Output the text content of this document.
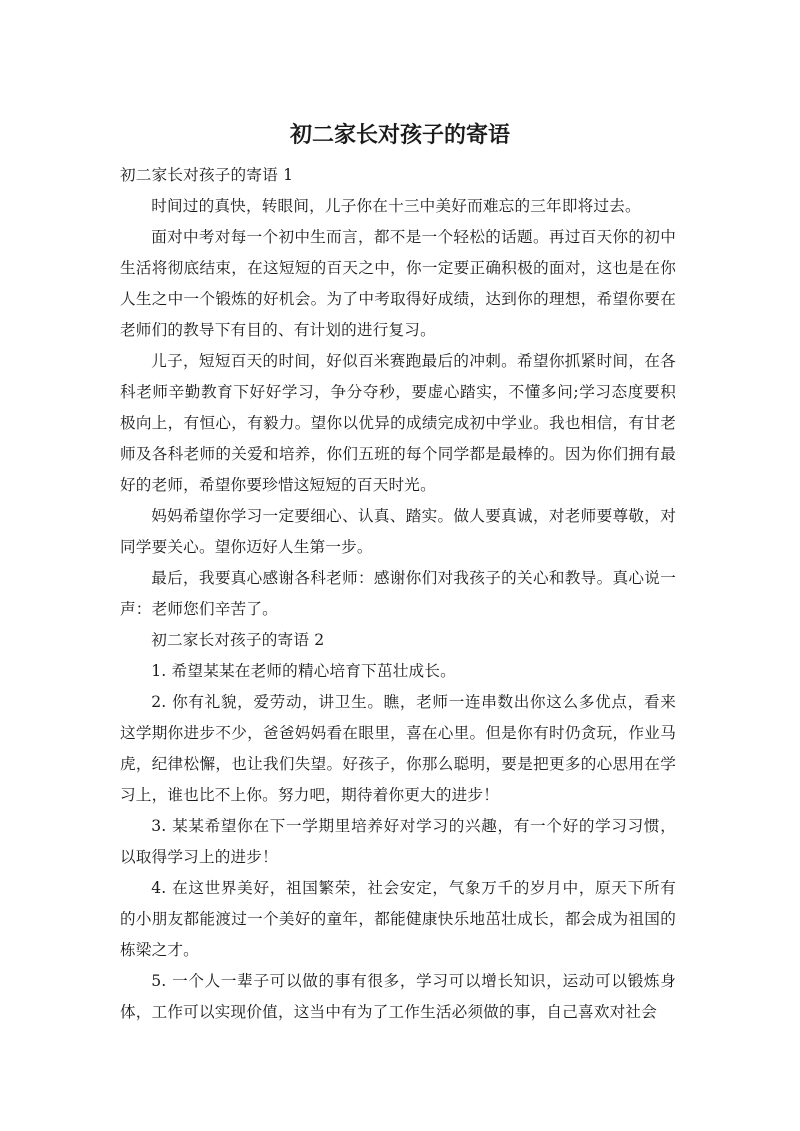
初二家长对孩子的寄语

初二家长对孩子的寄语 1

时间过的真快，转眼间，儿子你在十三中美好而难忘的三年即将过去。

面对中考对每一个初中生而言，都不是一个轻松的话题。再过百天你的初中生活将彻底结束，在这短短的百天之中，你一定要正确积极的面对，这也是在你人生之中一个锻炼的好机会。为了中考取得好成绩，达到你的理想，希望你要在老师们的教导下有目的、有计划的进行复习。

儿子，短短百天的时间，好似百米赛跑最后的冲刺。希望你抓紧时间，在各科老师辛勤教育下好好学习，争分夺秒，要虚心踏实，不懂多问;学习态度要积极向上，有恒心，有毅力。望你以优异的成绩完成初中学业。我也相信，有甘老师及各科老师的关爱和培养，你们五班的每个同学都是最棒的。因为你们拥有最好的老师，希望你要珍惜这短短的百天时光。

妈妈希望你学习一定要细心、认真、踏实。做人要真诚，对老师要尊敬，对同学要关心。望你迈好人生第一步。

最后，我要真心感谢各科老师：感谢你们对我孩子的关心和教导。真心说一声：老师您们辛苦了。

初二家长对孩子的寄语 2

1. 希望某某在老师的精心培育下茁壮成长。

2. 你有礼貌，爱劳动，讲卫生。瞧，老师一连串数出你这么多优点，看来这学期你进步不少，爸爸妈妈看在眼里，喜在心里。但是你有时仍贪玩，作业马虎，纪律松懈，也让我们失望。好孩子，你那么聪明，要是把更多的心思用在学习上，谁也比不上你。努力吧，期待着你更大的进步！

3. 某某希望你在下一学期里培养好对学习的兴趣，有一个好的学习习惯，以取得学习上的进步！

4. 在这世界美好，祖国繁荣，社会安定，气象万千的岁月中，原天下所有的小朋友都能渡过一个美好的童年，都能健康快乐地茁壮成长，都会成为祖国的栋梁之才。

5. 一个人一辈子可以做的事有很多，学习可以增长知识，运动可以锻炼身体，工作可以实现价值，这当中有为了工作生活必须做的事，自己喜欢对社会
